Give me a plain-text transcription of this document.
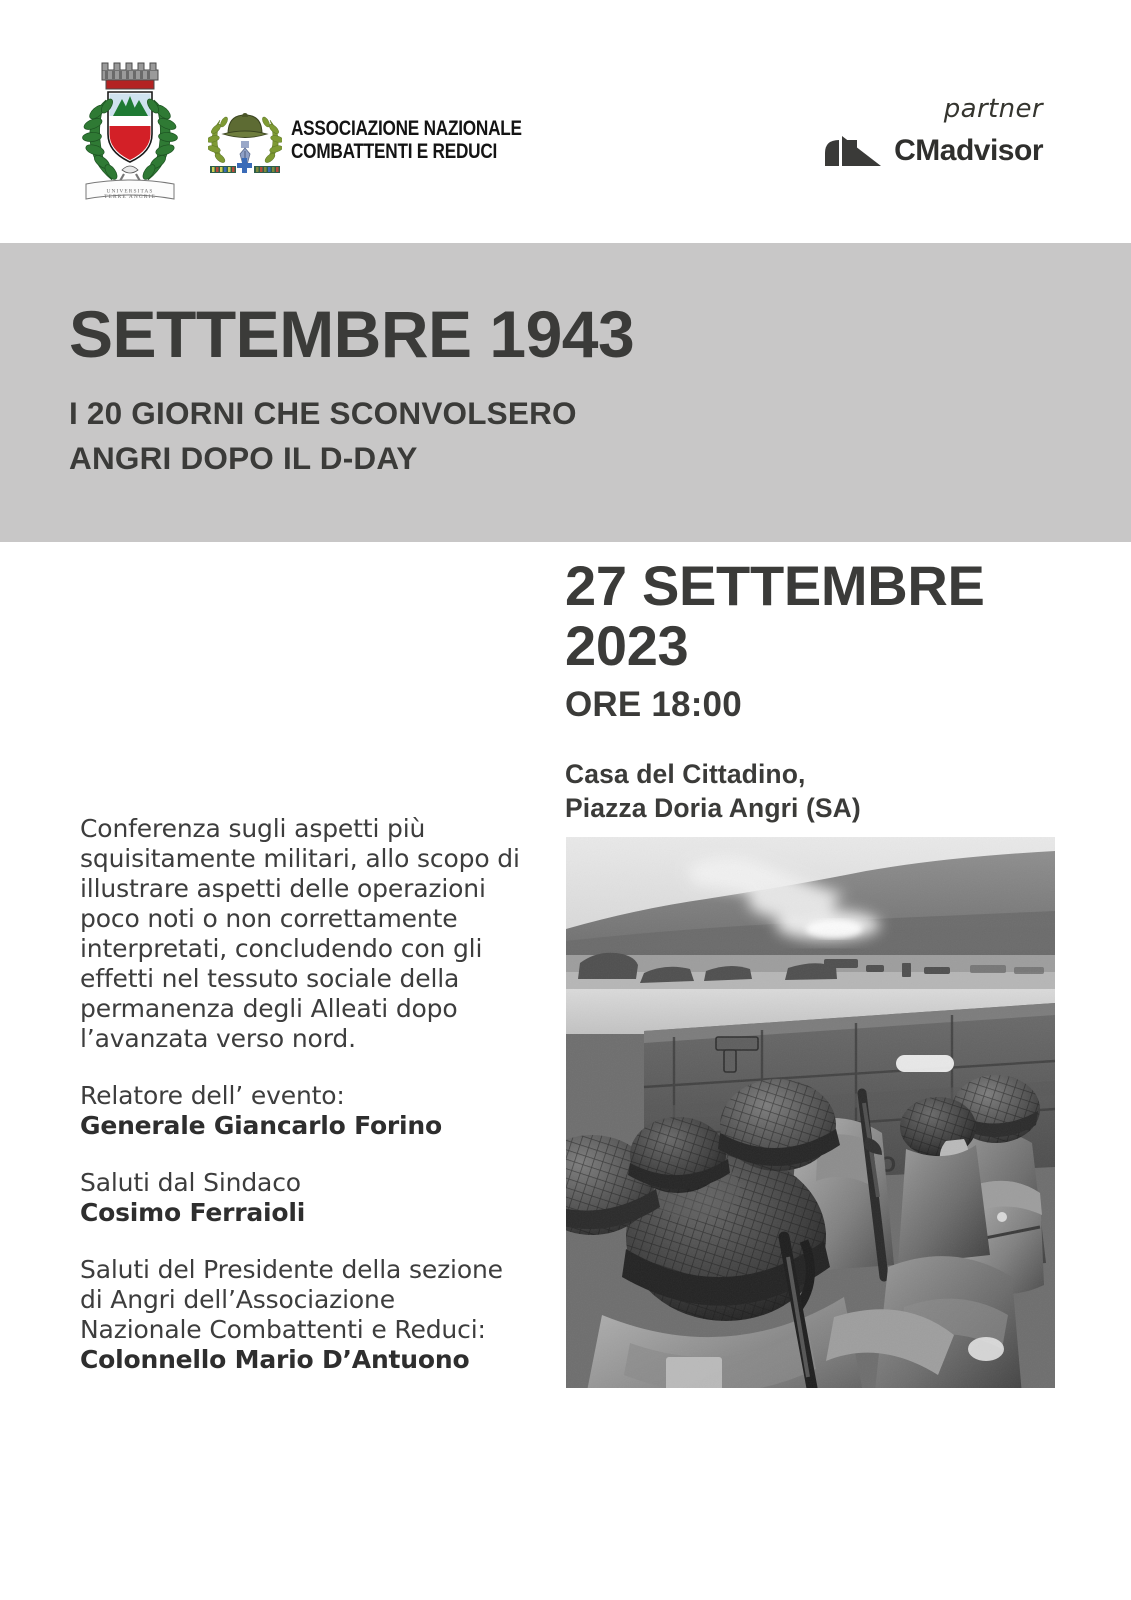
UNIVERSITAS
TERRE ANGRIE
ASSOCIAZIONE NAZIONALE
COMBATTENTI E REDUCI
partner
CMadvisor
SETTEMBRE 1943
I 20 GIORNI CHE SCONVOLSERO
ANGRI DOPO IL D-DAY
27 SETTEMBRE
2023
ORE 18:00
Casa del Cittadino,
Piazza Doria Angri (SA)

Conferenza sugli aspetti più squisitamente militari, allo scopo di illustrare aspetti delle operazioni poco noti o non correttamente interpretati, concludendo con gli effetti nel tessuto sociale della permanenza degli Alleati dopo l’avanzata verso nord.

Relatore dell’ evento:
Generale Giancarlo Forino

Saluti dal Sindaco
Cosimo Ferraioli

Saluti del Presidente della sezione di Angri dell’Associazione Nazionale Combattenti e Reduci:
Colonnello Mario D’Antuono
